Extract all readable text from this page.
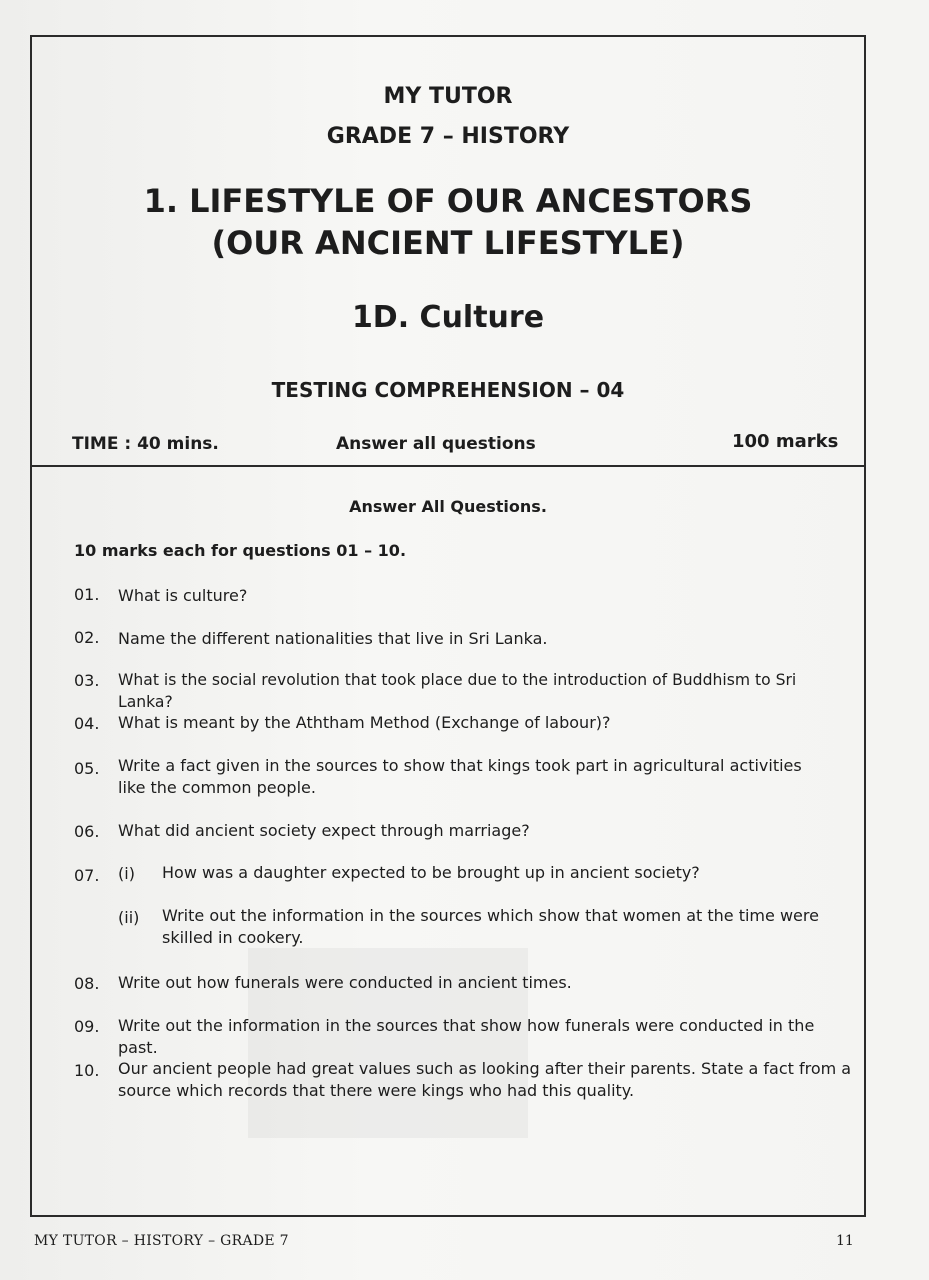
MY TUTOR
GRADE 7 – HISTORY
1. LIFESTYLE OF OUR ANCESTORS
(OUR ANCIENT LIFESTYLE)
1D. Culture
TESTING COMPREHENSION – 04
TIME : 40 mins.	Answer all questions	100 marks
Answer All Questions.
10 marks each for questions 01 – 10.
01. What is culture?
02. Name the different nationalities that live in Sri Lanka.
03. What is the social revolution that took place due to the introduction of Buddhism to Sri Lanka?
04. What is meant by the Aththam Method (Exchange of labour)?
05. Write a fact given in the sources to show that kings took part in agricultural activities like the common people.
06. What did ancient society expect through marriage?
07. (i) How was a daughter expected to be brought up in ancient society?
(ii) Write out the information in the sources which show that women at the time were skilled in cookery.
08. Write out how funerals were conducted in ancient times.
09. Write out the information in the sources that show how funerals were conducted in the past.
10. Our ancient people had great values such as looking after their parents. State a fact from a source which records that there were kings who had this quality.
MY TUTOR – HISTORY – GRADE 7	11
